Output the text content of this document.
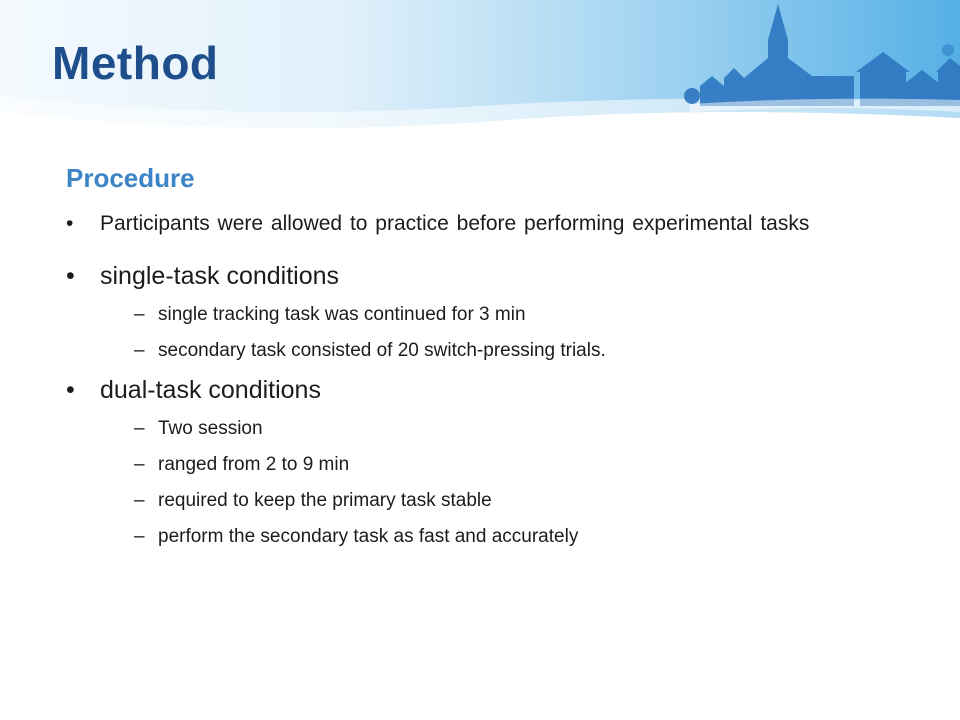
Method
Procedure
• Participants were allowed to practice before performing experimental tasks
• single-task conditions
– single tracking task was continued for 3 min
– secondary task consisted of 20 switch-pressing trials.
• dual-task conditions
– Two session
– ranged from 2 to 9 min
– required to keep the primary task stable
– perform the secondary task as fast and accurately
